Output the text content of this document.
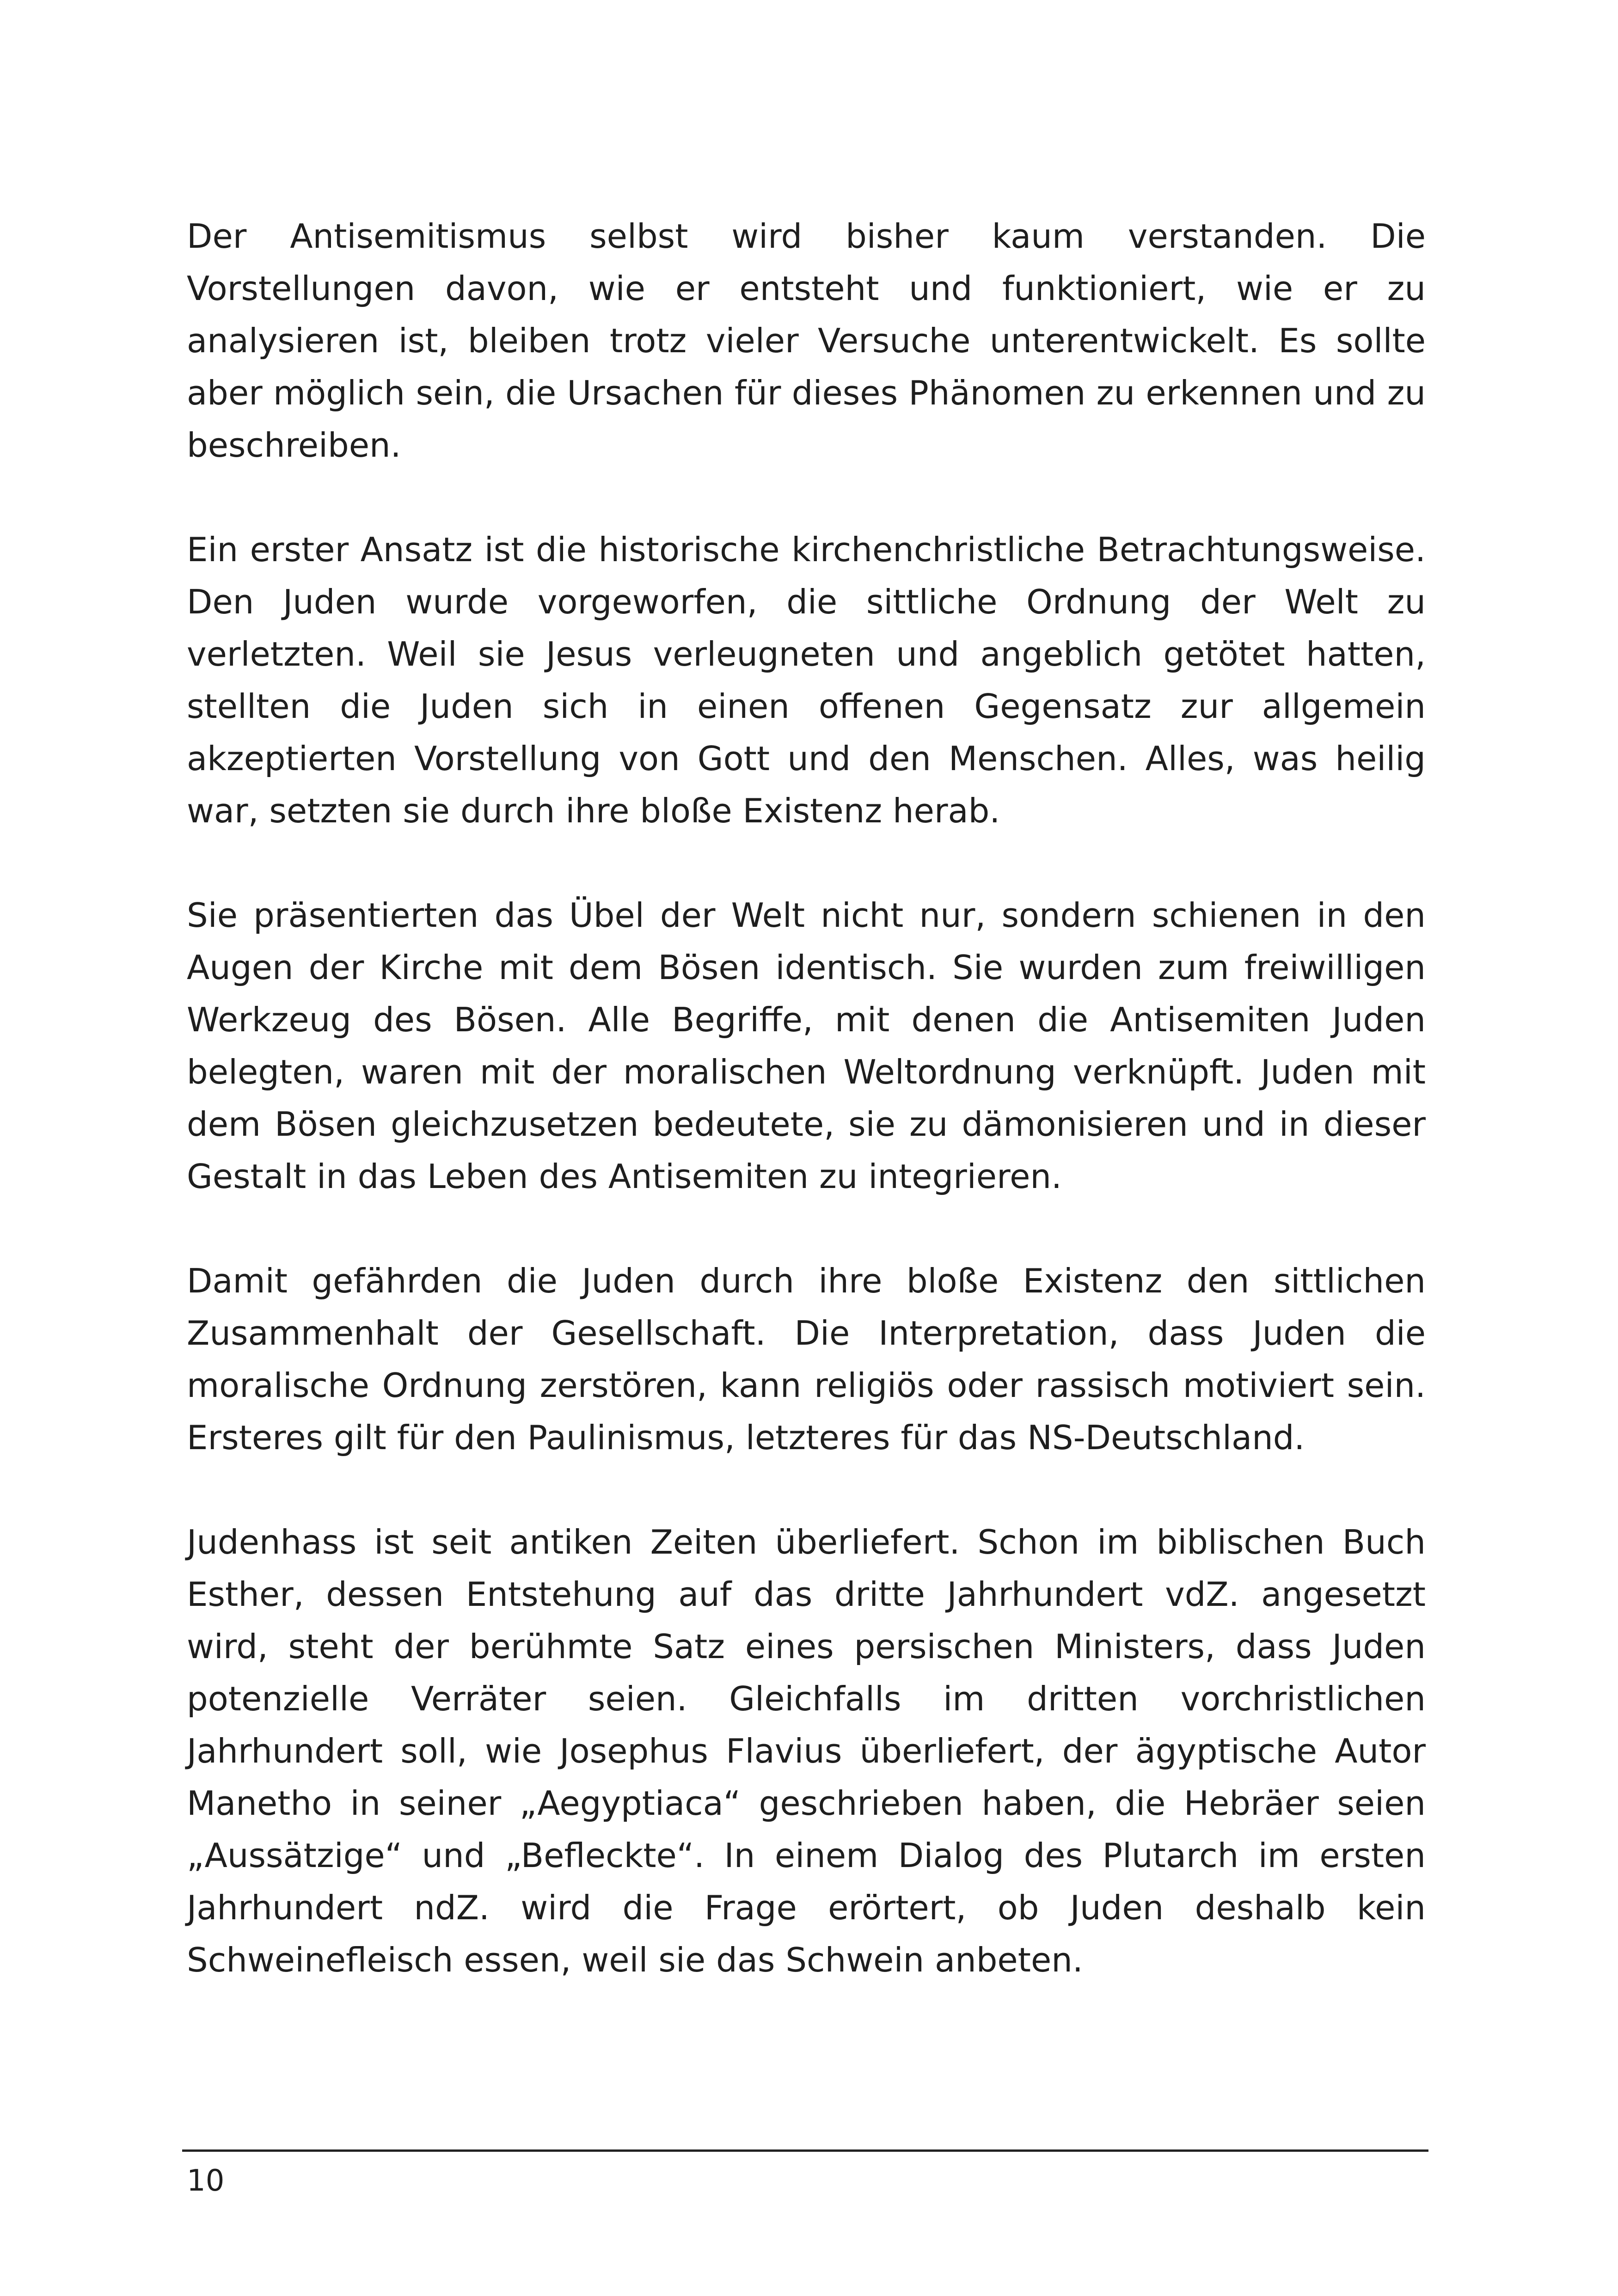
Der Antisemitismus selbst wird bisher kaum verstanden. Die Vorstellungen davon, wie er entsteht und funktioniert, wie er zu analysieren ist, bleiben trotz vieler Versuche unterentwickelt. Es sollte aber möglich sein, die Ursachen für dieses Phänomen zu erkennen und zu beschreiben.

Ein erster Ansatz ist die historische kirchenchristliche Betrachtungsweise. Den Juden wurde vorgeworfen, die sittliche Ordnung der Welt zu verletzten. Weil sie Jesus verleugneten und angeblich getötet hatten, stellten die Juden sich in einen offenen Gegensatz zur allgemein akzeptierten Vorstellung von Gott und den Menschen. Alles, was heilig war, setzten sie durch ihre bloße Existenz herab.

Sie präsentierten das Übel der Welt nicht nur, sondern schienen in den Augen der Kirche mit dem Bösen identisch. Sie wurden zum freiwilligen Werkzeug des Bösen. Alle Begriffe, mit denen die Antisemiten Juden belegten, waren mit der moralischen Weltordnung verknüpft. Juden mit dem Bösen gleichzusetzen bedeutete, sie zu dämonisieren und in dieser Gestalt in das Leben des Antisemiten zu integrieren.

Damit gefährden die Juden durch ihre bloße Existenz den sittlichen Zusammenhalt der Gesellschaft. Die Interpretation, dass Juden die moralische Ordnung zerstören, kann religiös oder rassisch motiviert sein. Ersteres gilt für den Paulinismus, letzteres für das NS-Deutschland.

Judenhass ist seit antiken Zeiten überliefert. Schon im biblischen Buch Esther, dessen Entstehung auf das dritte Jahrhundert vdZ. angesetzt wird, steht der berühmte Satz eines persischen Ministers, dass Juden potenzielle Verräter seien. Gleichfalls im dritten vorchristlichen Jahrhundert soll, wie Josephus Flavius überliefert, der ägyptische Autor Manetho in seiner „Aegyptiaca“ geschrieben haben, die Hebräer seien „Aussätzige“ und „Befleckte“. In einem Dialog des Plutarch im ersten Jahrhundert ndZ. wird die Frage erörtert, ob Juden deshalb kein Schweinefleisch essen, weil sie das Schwein anbeten.

10
